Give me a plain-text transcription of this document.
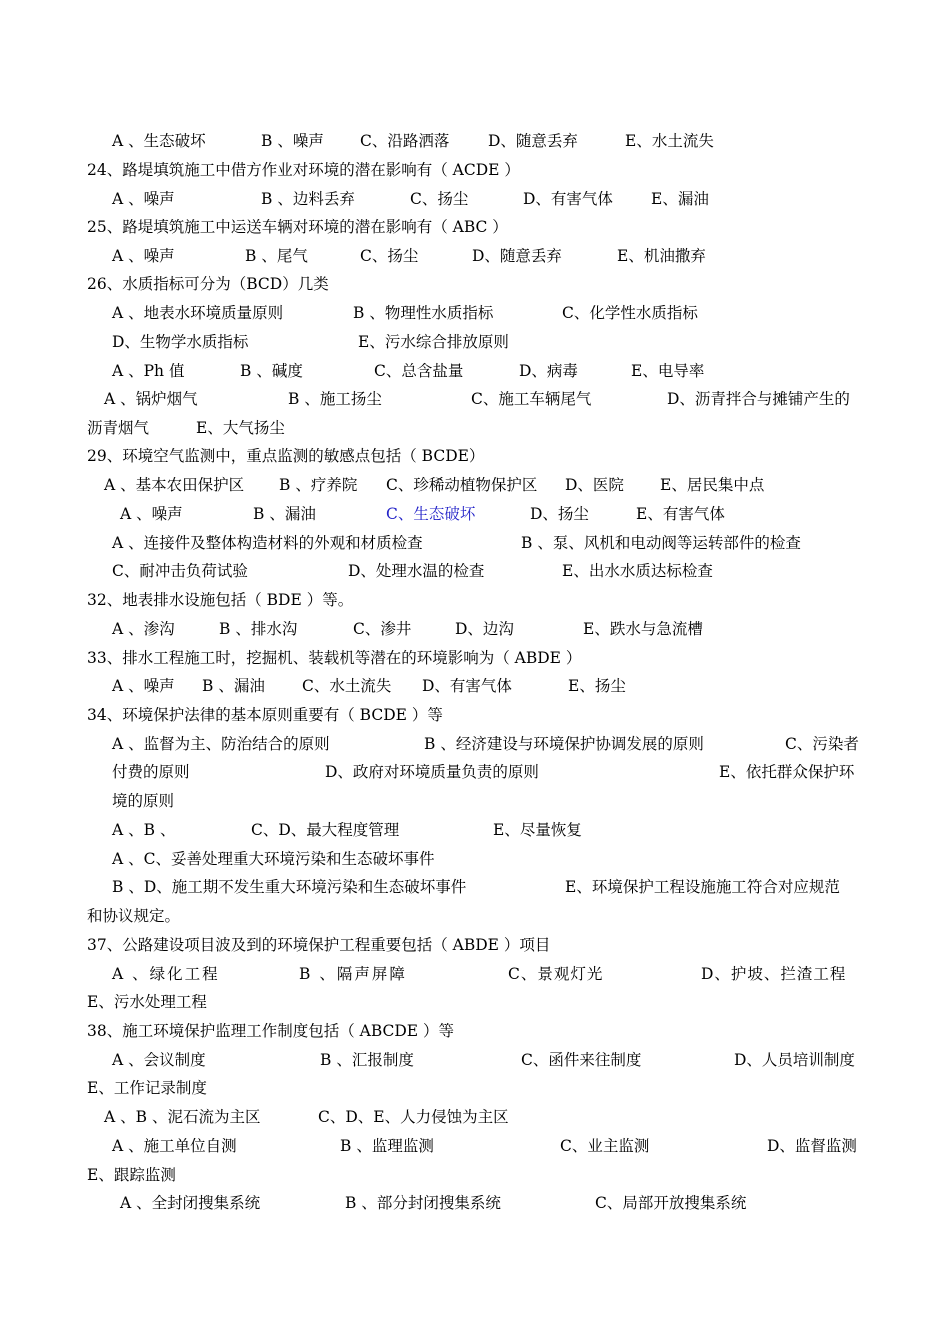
A 、生态破坏	B 、噪声 C、沿路洒落 D、随意丢弃	E、水土流失
24、路堤填筑施工中借方作业对环境的潜在影响有（ ACDE ）
A 、噪声	B 、边料丢弃	C、扬尘	D、有害气体 E、漏油
25、路堤填筑施工中运送车辆对环境的潜在影响有（ ABC ）
A 、噪声	B 、尾气	C、扬尘	D、随意丢弃	E、机油撒弃
26、水质指标可分为（BCD）几类
A 、地表水环境质量原则	B 、物理性水质指标	C、化学性水质指标
D、生物学水质指标	E、污水综合排放原则
A 、Ph 值	B 、碱度	C、总含盐量	D、病毒	E、电导率
A 、锅炉烟气	B 、施工扬尘	C、施工车辆尾气	D、沥青拌合与摊铺产生的
沥青烟气	E、大气扬尘
29、环境空气监测中，重点监测的敏感点包括（ BCDE）
A 、基本农田保护区 B 、疗养院 C、珍稀动植物保护区 D、医院 E、居民集中点
A 、噪声	B 、漏油	C、生态破坏	D、扬尘	E、有害气体
A 、连接件及整体构造材料的外观和材质检查	B 、泵、风机和电动阀等运转部件的检查
C、耐冲击负荷试验	D、处理水温的检查	E、出水水质达标检查
32、地表排水设施包括（ BDE ）等。
A 、渗沟	B 、排水沟	C、渗井	D、边沟	E、跌水与急流槽
33、排水工程施工时，挖掘机、装载机等潜在的环境影响为（ ABDE ）
A 、噪声 B 、漏油 C、水土流失 D、有害气体	E、扬尘
34、环境保护法律的基本原则重要有（ BCDE ）等
A 、监督为主、防治结合的原则	B 、经济建设与环境保护协调发展的原则	C、污染者
付费的原则	D、政府对环境质量负责的原则	E、依托群众保护环
境的原则
A 、B 、	C、D、最大程度管理	E、尽量恢复
A 、C、妥善处理重大环境污染和生态破坏事件
B 、D、施工期不发生重大环境污染和生态破坏事件	E、环境保护工程设施施工符合对应规范
和协议规定。
37、公路建设项目波及到的环境保护工程重要包括（ ABDE ）项目
A 、绿化工程	B 、隔声屏障	C、景观灯光	D、护坡、拦渣工程
E、污水处理工程
38、施工环境保护监理工作制度包括（ ABCDE ）等
A 、会议制度	B 、汇报制度	C、函件来往制度	D、人员培训制度
E、工作记录制度
A 、B 、泥石流为主区	C、D、E、人力侵蚀为主区
A 、施工单位自测	B 、监理监测	C、业主监测	D、监督监测
E、跟踪监测
A 、全封闭搜集系统	B 、部分封闭搜集系统	C、局部开放搜集系统
